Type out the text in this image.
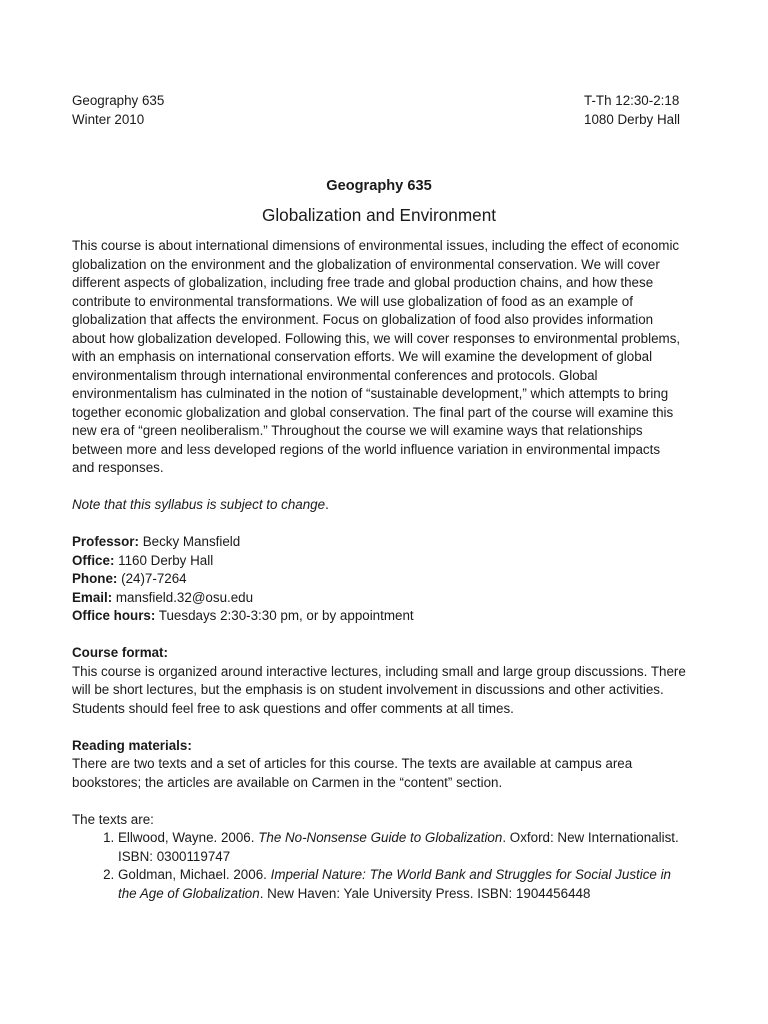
Geography 635
Winter 2010
T-Th 12:30-2:18
1080 Derby Hall
Geography 635
Globalization and Environment

This course is about international dimensions of environmental issues, including the effect of economic globalization on the environment and the globalization of environmental conservation. We will cover different aspects of globalization, including free trade and global production chains, and how these contribute to environmental transformations. We will use globalization of food as an example of globalization that affects the environment. Focus on globalization of food also provides information about how globalization developed. Following this, we will cover responses to environmental problems, with an emphasis on international conservation efforts. We will examine the development of global environmentalism through international environmental conferences and protocols. Global environmentalism has culminated in the notion of “sustainable development,” which attempts to bring together economic globalization and global conservation. The final part of the course will examine this new era of “green neoliberalism.” Throughout the course we will examine ways that relationships between more and less developed regions of the world influence variation in environmental impacts and responses.

Note that this syllabus is subject to change.

Professor: Becky Mansfield

Office: 1160 Derby Hall

Phone: (24)7-7264

Email: mansfield.32@osu.edu

Office hours: Tuesdays 2:30-3:30 pm, or by appointment

Course format:

This course is organized around interactive lectures, including small and large group discussions. There will be short lectures, but the emphasis is on student involvement in discussions and other activities. Students should feel free to ask questions and offer comments at all times.

Reading materials:

There are two texts and a set of articles for this course. The texts are available at campus area bookstores; the articles are available on Carmen in the “content” section.

The texts are:

1. Ellwood, Wayne. 2006. The No-Nonsense Guide to Globalization. Oxford: New Internationalist. ISBN: 0300119747
2. Goldman, Michael. 2006. Imperial Nature: The World Bank and Struggles for Social Justice in the Age of Globalization. New Haven: Yale University Press. ISBN: 1904456448
